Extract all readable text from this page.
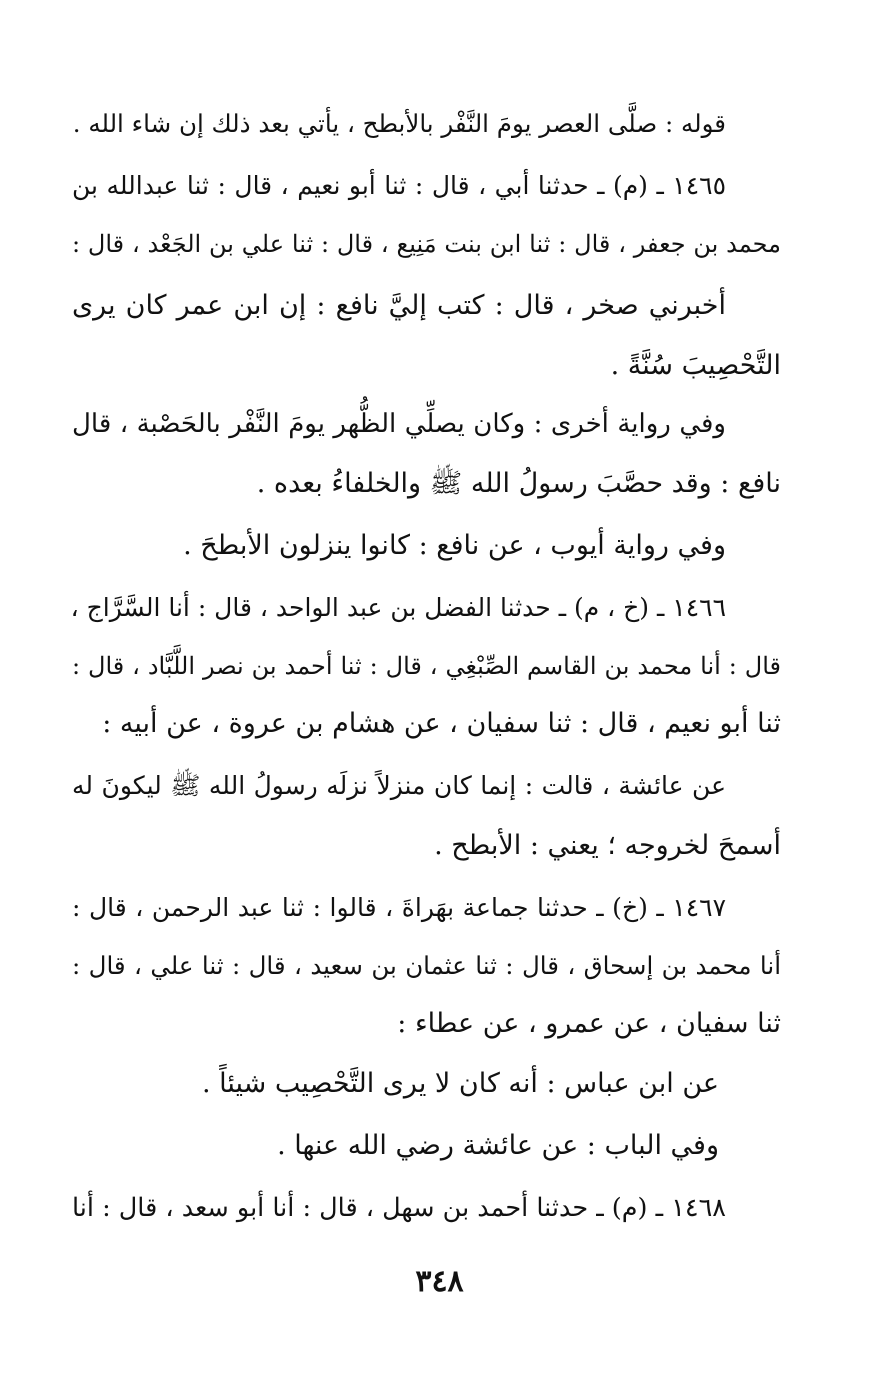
قوله : صلَّى العصر يومَ النَّفْر بالأبطح ، يأتي بعد ذلك إن شاء الله .
١٤٦٥ ـ (م) ـ حدثنا أبي ، قال : ثنا أبو نعيم ، قال : ثنا عبدالله بن
محمد بن جعفر ، قال : ثنا ابن بنت مَنِيع ، قال : ثنا علي بن الجَعْد ، قال :
أخبرني صخر ، قال : كتب إليَّ نافع : إن ابن عمر كان يرى
التَّحْصِيبَ سُنَّةً .
وفي رواية أخرى : وكان يصلِّي الظُّهر يومَ النَّفْر بالحَصْبة ، قال
نافع : وقد حصَّبَ رسولُ الله ﷺ والخلفاءُ بعده .
وفي رواية أيوب ، عن نافع : كانوا ينزلون الأبطحَ .
١٤٦٦ ـ (خ ، م) ـ حدثنا الفضل بن عبد الواحد ، قال : أنا السَّرَّاج ،
قال : أنا محمد بن القاسم الصِّبْغِي ، قال : ثنا أحمد بن نصر اللَّبَّاد ، قال :
ثنا أبو نعيم ، قال : ثنا سفيان ، عن هشام بن عروة ، عن أبيه :
عن عائشة ، قالت : إنما كان منزلاً نزلَه رسولُ الله ﷺ ليكونَ له
أسمحَ لخروجه ؛ يعني : الأبطح .
١٤٦٧ ـ (خ) ـ حدثنا جماعة بهَراةَ ، قالوا : ثنا عبد الرحمن ، قال :
أنا محمد بن إسحاق ، قال : ثنا عثمان بن سعيد ، قال : ثنا علي ، قال :
ثنا سفيان ، عن عمرو ، عن عطاء :
عن ابن عباس : أنه كان لا يرى التَّحْصِيب شيئاً .
وفي الباب : عن عائشة رضي الله عنها .
١٤٦٨ ـ (م) ـ حدثنا أحمد بن سهل ، قال : أنا أبو سعد ، قال : أنا
٣٤٨
